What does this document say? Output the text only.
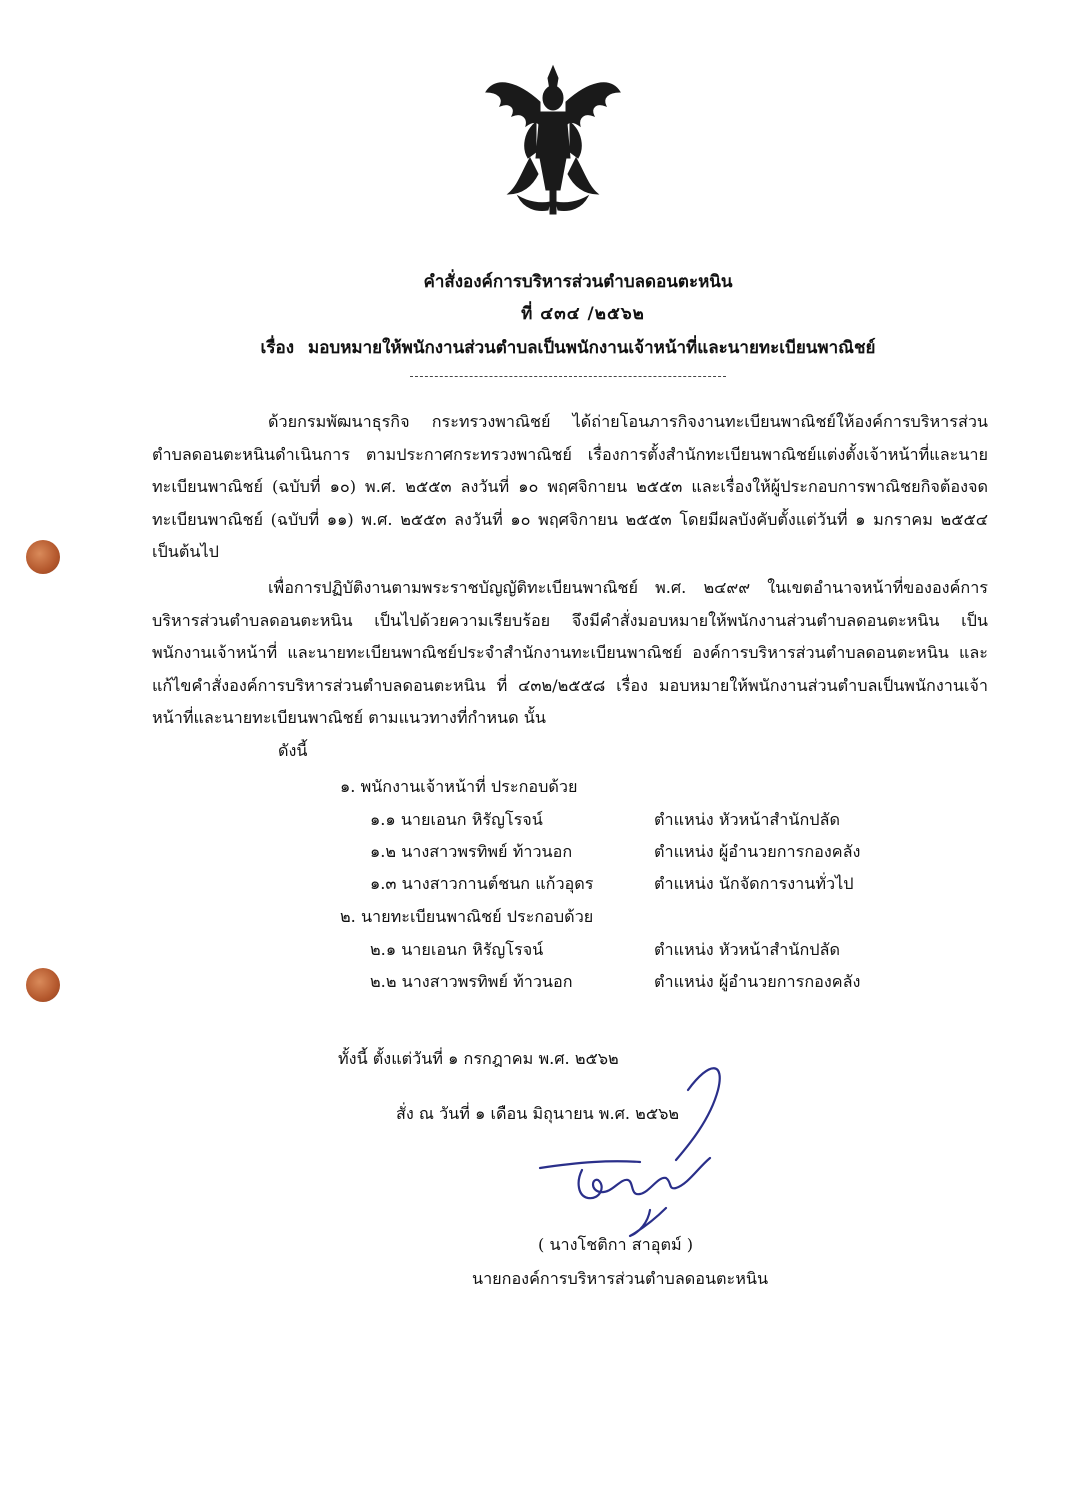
คำสั่งองค์การบริหารส่วนตำบลดอนตะหนิน
ที่ ๔๓๔ /๒๕๖๒
เรื่อง มอบหมายให้พนักงานส่วนตำบลเป็นพนักงานเจ้าหน้าที่และนายทะเบียนพาณิชย์
ด้วยกรมพัฒนาธุรกิจ กระทรวงพาณิชย์ ได้ถ่ายโอนภารกิจงานทะเบียนพาณิชย์ให้องค์การบริหารส่วนตำบลดอนตะหนินดำเนินการ ตามประกาศกระทรวงพาณิชย์ เรื่องการตั้งสำนักทะเบียนพาณิชย์แต่งตั้งเจ้าหน้าที่และนายทะเบียนพาณิชย์ (ฉบับที่ ๑๐) พ.ศ. ๒๕๕๓ ลงวันที่ ๑๐ พฤศจิกายน ๒๕๕๓ และเรื่องให้ผู้ประกอบการพาณิชยกิจต้องจดทะเบียนพาณิชย์ (ฉบับที่ ๑๑) พ.ศ. ๒๕๕๓ ลงวันที่ ๑๐ พฤศจิกายน ๒๕๕๓ โดยมีผลบังคับตั้งแต่วันที่ ๑ มกราคม ๒๕๕๔ เป็นต้นไป
เพื่อการปฏิบัติงานตามพระราชบัญญัติทะเบียนพาณิชย์ พ.ศ. ๒๔๙๙ ในเขตอำนาจหน้าที่ขององค์การบริหารส่วนตำบลดอนตะหนิน เป็นไปด้วยความเรียบร้อย จึงมีคำสั่งมอบหมายให้พนักงานส่วนตำบลดอนตะหนิน เป็นพนักงานเจ้าหน้าที่ และนายทะเบียนพาณิชย์ประจำสำนักงานทะเบียนพาณิชย์ องค์การบริหารส่วนตำบลดอนตะหนิน และแก้ไขคำสั่งองค์การบริหารส่วนตำบลดอนตะหนิน ที่ ๔๓๒/๒๕๕๘ เรื่อง มอบหมายให้พนักงานส่วนตำบลเป็นพนักงานเจ้าหน้าที่และนายทะเบียนพาณิชย์ ตามแนวทางที่กำหนด นั้น
ดังนี้
๑. พนักงานเจ้าหน้าที่ ประกอบด้วย
๑.๑ นายเอนก หิรัญโรจน์	ตำแหน่ง หัวหน้าสำนักปลัด
๑.๒ นางสาวพรทิพย์ ท้าวนอก	ตำแหน่ง ผู้อำนวยการกองคลัง
๑.๓ นางสาวกานต์ชนก แก้วอุดร	ตำแหน่ง นักจัดการงานทั่วไป
๒. นายทะเบียนพาณิชย์ ประกอบด้วย
๒.๑ นายเอนก หิรัญโรจน์	ตำแหน่ง หัวหน้าสำนักปลัด
๒.๒ นางสาวพรทิพย์ ท้าวนอก	ตำแหน่ง ผู้อำนวยการกองคลัง
ทั้งนี้ ตั้งแต่วันที่ ๑ กรกฎาคม พ.ศ. ๒๕๖๒
สั่ง ณ วันที่ ๑ เดือน มิถุนายน พ.ศ. ๒๕๖๒
( นางโชติกา สาอุตม์ )
นายกองค์การบริหารส่วนตำบลดอนตะหนิน
